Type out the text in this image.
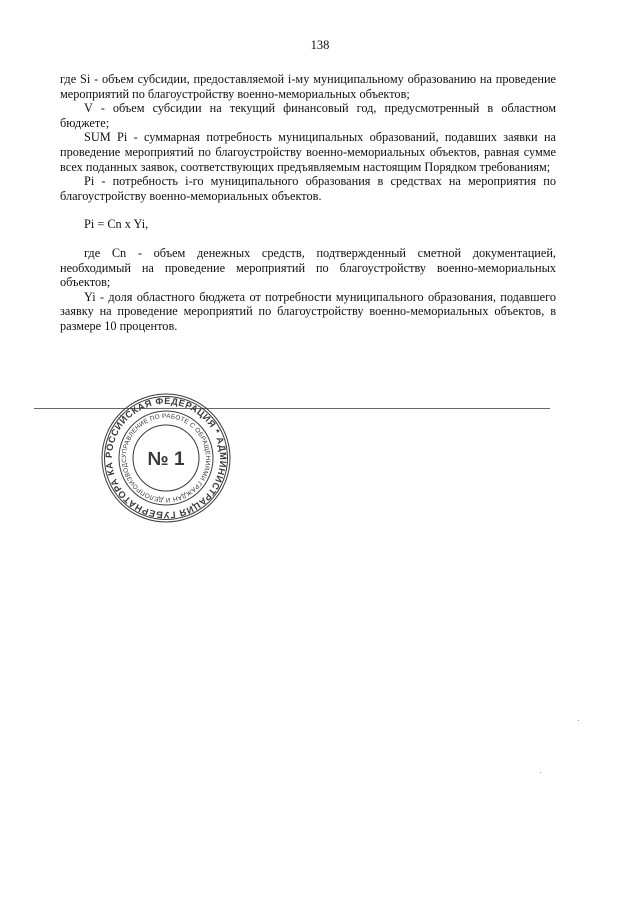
138

где Si - объем субсидии, предоставляемой i-му муниципальному образованию на проведение мероприятий по благоустройству военно-мемориальных объектов;

V - объем субсидии на текущий финансовый год, предусмотренный в областном бюджете;

SUM Pi - суммарная потребность муниципальных образований, подавших заявки на проведение мероприятий по благоустройству военно-мемориальных объектов, равная сумме всех поданных заявок, соответствующих предъявляемым настоящим Порядком требованиям;

Pi - потребность i-го муниципального образования в средствах на мероприятия по благоустройству военно-мемориальных объектов.

Pi = Cn x Yi,

где Cn - объем денежных средств, подтвержденный сметной документацией, необходимый на проведение мероприятий по благоустройству военно-мемориальных объектов;

Yi - доля областного бюджета от потребности муниципального образования, подавшего заявку на проведение мероприятий по благоустройству военно-мемориальных объектов, в размере 10 процентов.

РОССИЙСКАЯ ФЕДЕРАЦИЯ * АДМИНИСТРАЦИЯ ГУБЕРНАТОРА КА
УПРАВЛЕНИЕ ПО РАБОТЕ С ОБРАЩЕНИЯМИ ГРАЖДАН И ДЕЛОПРОИЗВОДС	№ 1
